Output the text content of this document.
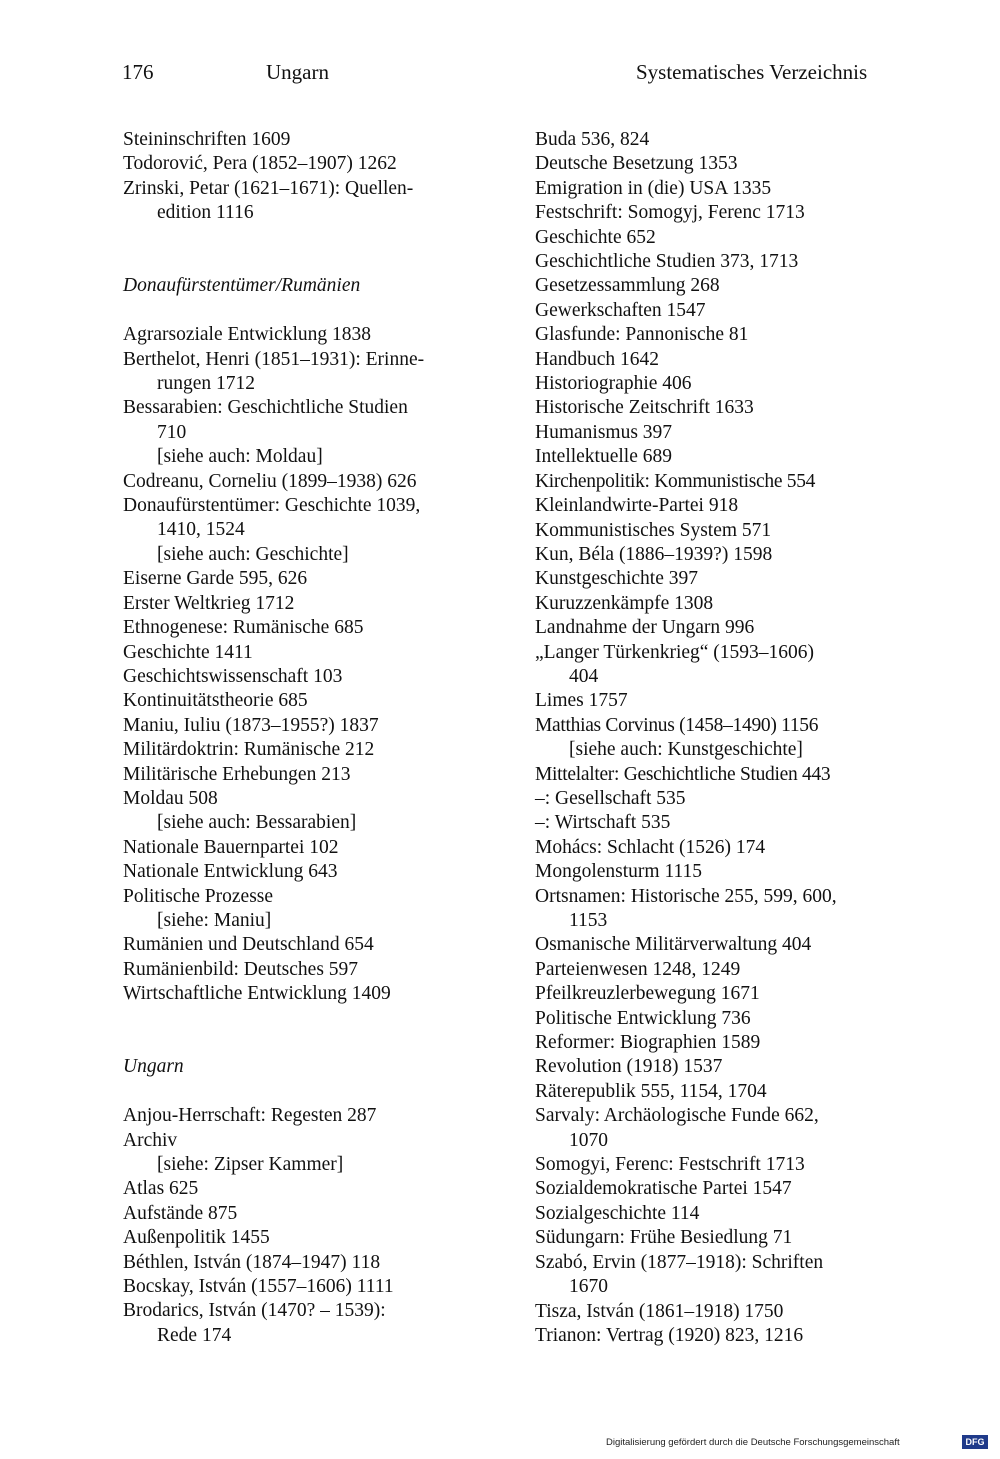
176	Ungarn	Systematisches Verzeichnis
Steininschriften 1609
Todorović, Pera (1852–1907) 1262
Zrinski, Petar (1621–1671): Quellen-
edition 1116
Donaufürstentümer/Rumänien
Agrarsoziale Entwicklung 1838
Berthelot, Henri (1851–1931): Erinne-
rungen 1712
Bessarabien: Geschichtliche Studien
710
[siehe auch: Moldau]
Codreanu, Corneliu (1899–1938) 626
Donaufürstentümer: Geschichte 1039,
1410, 1524
[siehe auch: Geschichte]
Eiserne Garde 595, 626
Erster Weltkrieg 1712
Ethnogenese: Rumänische 685
Geschichte 1411
Geschichtswissenschaft 103
Kontinuitätstheorie 685
Maniu, Iuliu (1873–1955?) 1837
Militärdoktrin: Rumänische 212
Militärische Erhebungen 213
Moldau 508
[siehe auch: Bessarabien]
Nationale Bauernpartei 102
Nationale Entwicklung 643
Politische Prozesse
[siehe: Maniu]
Rumänien und Deutschland 654
Rumänienbild: Deutsches 597
Wirtschaftliche Entwicklung 1409
Ungarn
Anjou-Herrschaft: Regesten 287
Archiv
[siehe: Zipser Kammer]
Atlas 625
Aufstände 875
Außenpolitik 1455
Béthlen, István (1874–1947) 118
Bocskay, István (1557–1606) 1111
Brodarics, István (1470? – 1539):
Rede 174
Buda 536, 824
Deutsche Besetzung 1353
Emigration in (die) USA 1335
Festschrift: Somogyj, Ferenc 1713
Geschichte 652
Geschichtliche Studien 373, 1713
Gesetzessammlung 268
Gewerkschaften 1547
Glasfunde: Pannonische 81
Handbuch 1642
Historiographie 406
Historische Zeitschrift 1633
Humanismus 397
Intellektuelle 689
Kirchenpolitik: Kommunistische 554
Kleinlandwirte-Partei 918
Kommunistisches System 571
Kun, Béla (1886–1939?) 1598
Kunstgeschichte 397
Kuruzzenkämpfe 1308
Landnahme der Ungarn 996
„Langer Türkenkrieg“ (1593–1606)
404
Limes 1757
Matthias Corvinus (1458–1490) 1156
[siehe auch: Kunstgeschichte]
Mittelalter: Geschichtliche Studien 443
–: Gesellschaft 535
–: Wirtschaft 535
Mohács: Schlacht (1526) 174
Mongolensturm 1115
Ortsnamen: Historische 255, 599, 600,
1153
Osmanische Militärverwaltung 404
Parteienwesen 1248, 1249
Pfeilkreuzlerbewegung 1671
Politische Entwicklung 736
Reformer: Biographien 1589
Revolution (1918) 1537
Räterepublik 555, 1154, 1704
Sarvaly: Archäologische Funde 662,
1070
Somogyi, Ferenc: Festschrift 1713
Sozialdemokratische Partei 1547
Sozialgeschichte 114
Südungarn: Frühe Besiedlung 71
Szabó, Ervin (1877–1918): Schriften
1670
Tisza, István (1861–1918) 1750
Trianon: Vertrag (1920) 823, 1216
Digitalisierung gefördert durch die Deutsche Forschungsgemeinschaft	DFG
